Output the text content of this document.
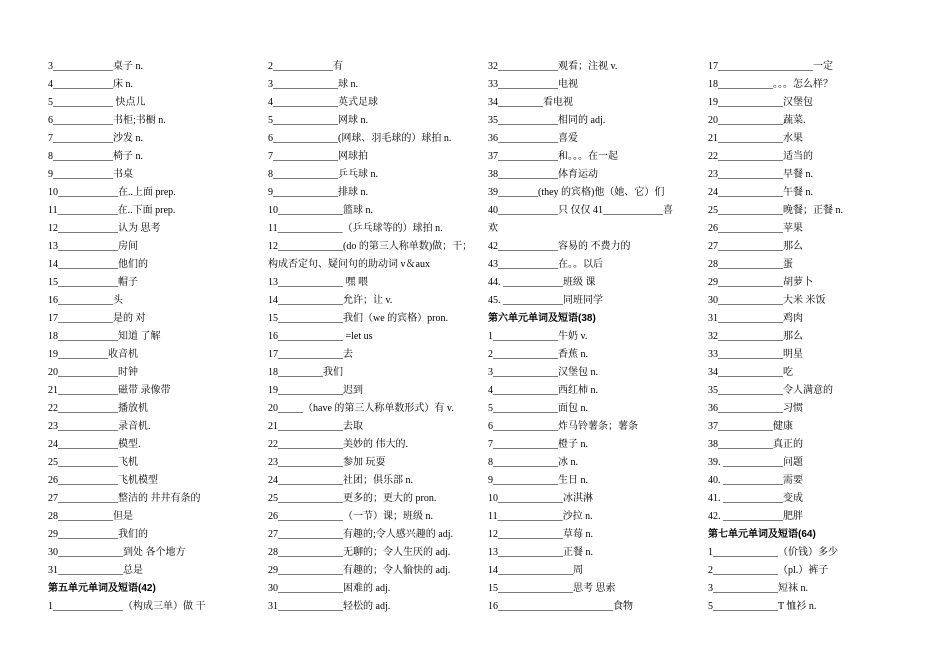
3____________桌子 n.
4____________床 n.
5____________ 快点儿
6____________书柜;书橱 n.
7____________沙发 n.
8____________椅子 n.
9____________书桌
10____________在..上面 prep.
11____________在..下面 prep.
12____________认为 思考
13____________房间
14____________他们的
15____________帽子
16___________头
17___________是的 对
18____________知道 了解
19__________收音机
20____________时钟
21____________磁带 录像带
22____________播放机
23____________录音机.
24____________模型.
25____________飞机
26____________飞机模型
27____________整洁的 井井有条的
28___________但是
29____________我们的
30_____________到处 各个地方
31_____________总是
第五单元单词及短语(42)
1______________（构成三单）做 干
2____________有
3_____________球 n.
4_____________英式足球
5_____________网球 n.
6_____________(网球、羽毛球的）球拍 n.
7_____________网球拍
8_____________乒乓球 n.
9_____________排球 n.
10_____________篮球 n.
11_____________（乒乓球等的）球拍 n.
12_____________(do 的第三人称单数)做；干；
构成否定句、疑问句的助动词 v＆aux
13_____________ 嘿 喂
14_____________允许；让 v.
15_____________我们（we 的宾格）pron.
16_____________ =let us
17_____________去
18_________我们
19_____________迟到
20_____（have 的第三人称单数形式）有 v.
21_____________去取
22_____________美妙的 伟大的.
23_____________参加 玩耍
24_____________社团；俱乐部 n.
25_____________更多的；更大的 pron.
26_____________（一节）课；班级 n.
27_____________有趣的;令人感兴趣的 adj.
28_____________无聊的；令人生厌的 adj.
29_____________有趣的；令人愉快的 adj.
30_____________困难的 adj.
31_____________轻松的 adj.
32____________观看；注视 v.
33____________电视
34_________看电视
35____________相同的 adj.
36____________喜爱
37____________和。。。在一起
38____________体育运动
39________(they 的宾格)他（她、它）们
40____________只 仅仅 41____________喜
欢
42____________容易的 不费力的
43____________在。。以后
44. ____________班级 课
45. ____________同班同学
第六单元单词及短语(38)
1_____________牛奶 v.
2_____________香蕉 n.
3_____________汉堡包 n.
4_____________西红柿 n.
5_____________面包 n.
6_____________炸马铃薯条；薯条
7_____________橙子 n.
8_____________冰 n.
9_____________生日 n.
10_____________冰淇淋
11_____________沙拉 n.
12_____________草莓 n.
13_____________正餐 n.
14_______________周
15_______________思考 思索
16_______________________食物
17___________________一定
18___________。。。怎么样？
19_____________汉堡包
20_____________蔬菜.
21_____________水果
22_____________适当的
23_____________早餐 n.
24_____________午餐 n.
25_____________晚餐；正餐 n.
26_____________苹果
27_____________那么
28_____________蛋
29_____________胡萝卜
30_____________大米 米饭
31_____________鸡肉
32_____________那么
33_____________明星
34_____________吃
35_____________令人满意的
36_____________习惯
37___________健康
38___________真正的
39. ____________问题
40. ____________需要
41. ____________变成
42. ____________肥胖
第七单元单词及短语(64)
1_____________（价钱）多少
2_____________（pl.）裤子
3_____________短袜 n.
5_____________T 恤衫 n.
